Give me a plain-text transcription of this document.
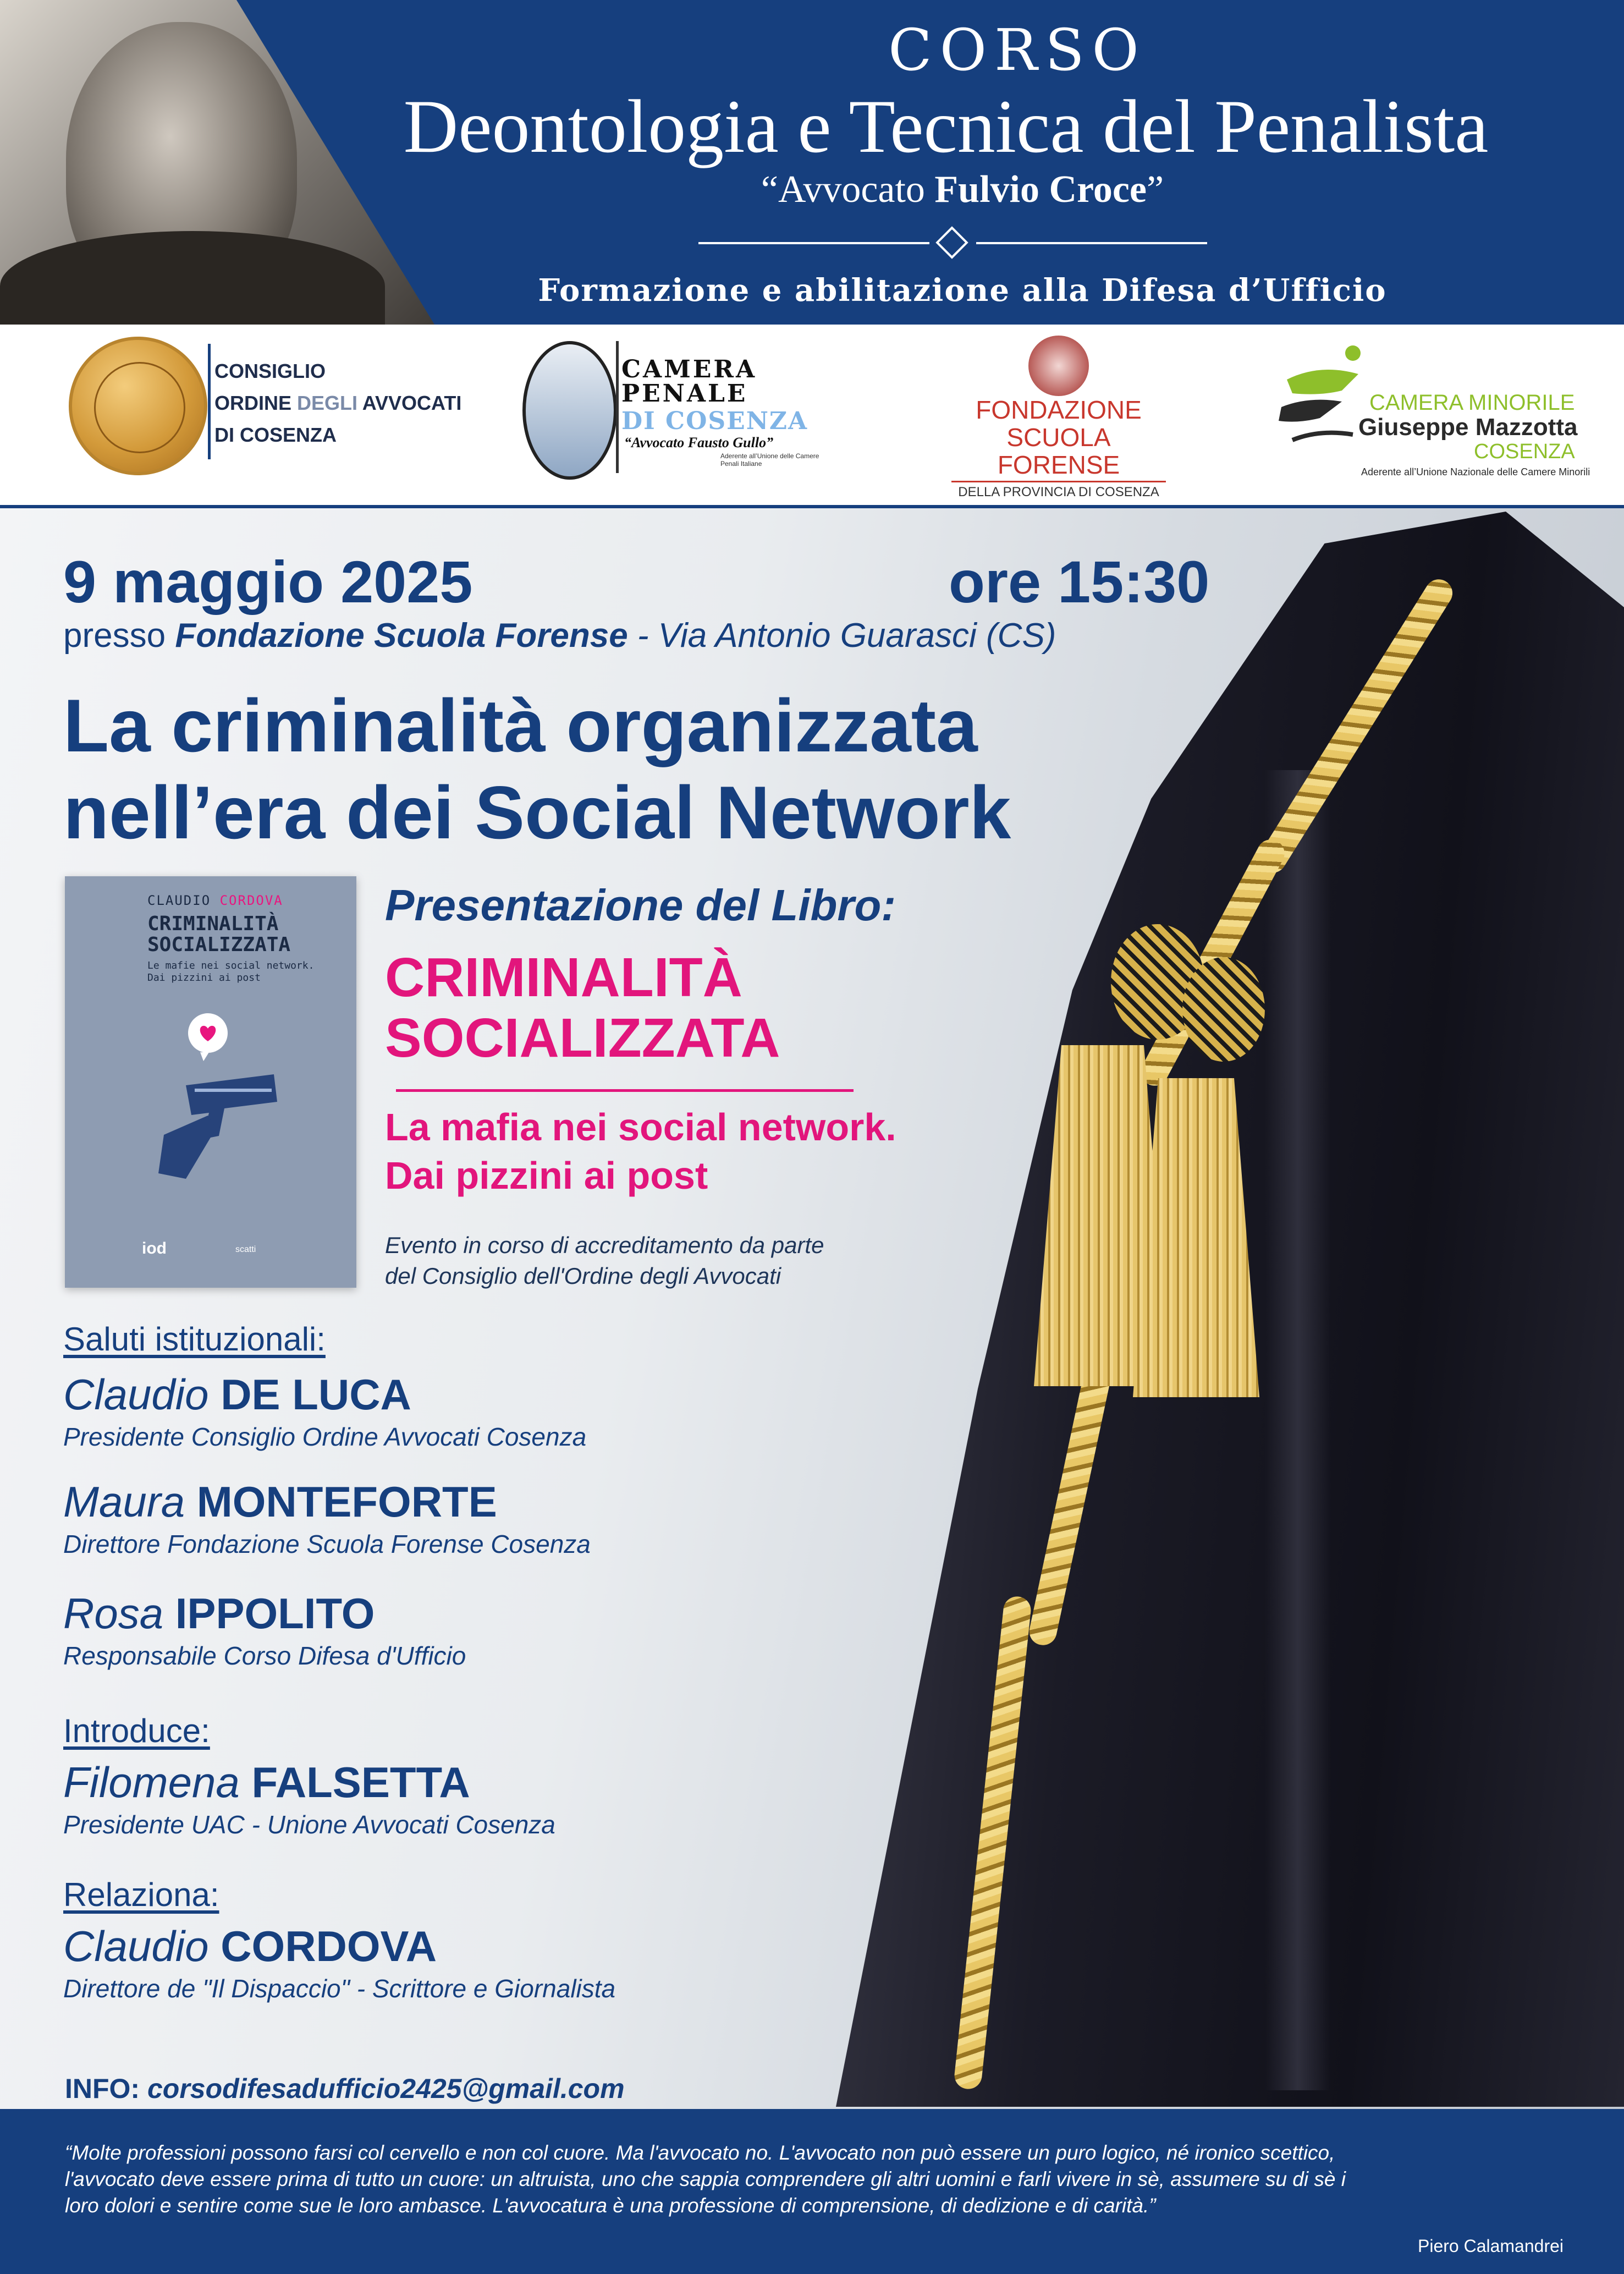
CORSO
Deontologia e Tecnica del Penalista
“Avvocato Fulvio Croce”
Formazione e abilitazione alla Difesa d’Ufficio
CONSIGLIO
ORDINE DEGLI AVVOCATI
DI COSENZA
CAMERA
PENALE
DI COSENZA
“Avvocato Fausto Gullo”
Aderente all’Unione delle Camere Penali Italiane
FONDAZIONE
SCUOLA FORENSE
DELLA PROVINCIA DI COSENZA
CAMERA MINORILE
Giuseppe Mazzotta
COSENZA
Aderente all’Unione Nazionale delle Camere Minorili
9 maggio 2025	ore 15:30
presso Fondazione Scuola Forense - Via Antonio Guarasci (CS)
La criminalità organizzata
nell’era dei Social Network
CLAUDIO CORDOVA
CRIMINALITÀ
SOCIALIZZATA
Le mafie nei social network.
Dai pizzini ai post
iod	scatti
Presentazione del Libro:
CRIMINALITÀ
SOCIALIZZATA
La mafia nei social network.
Dai pizzini ai post
Evento in corso di accreditamento da parte
del Consiglio dell'Ordine degli Avvocati
Saluti istituzionali:
Claudio DE LUCA
Presidente Consiglio Ordine Avvocati Cosenza
Maura MONTEFORTE
Direttore Fondazione Scuola Forense Cosenza
Rosa IPPOLITO
Responsabile Corso Difesa d'Ufficio
Introduce:
Filomena FALSETTA
Presidente UAC - Unione Avvocati Cosenza
Relaziona:
Claudio CORDOVA
Direttore de "Il Dispaccio" - Scrittore e Giornalista
INFO: corsodifesadufficio2425@gmail.com
“Molte professioni possono farsi col cervello e non col cuore. Ma l'avvocato no. L'avvocato non può essere un puro logico, né ironico scettico,
l'avvocato deve essere prima di tutto un cuore: un altruista, uno che sappia comprendere gli altri uomini e farli vivere in sè, assumere su di sè i
loro dolori e sentire come sue le loro ambasce. L'avvocatura è una professione di comprensione, di dedizione e di carità.”
Piero Calamandrei
